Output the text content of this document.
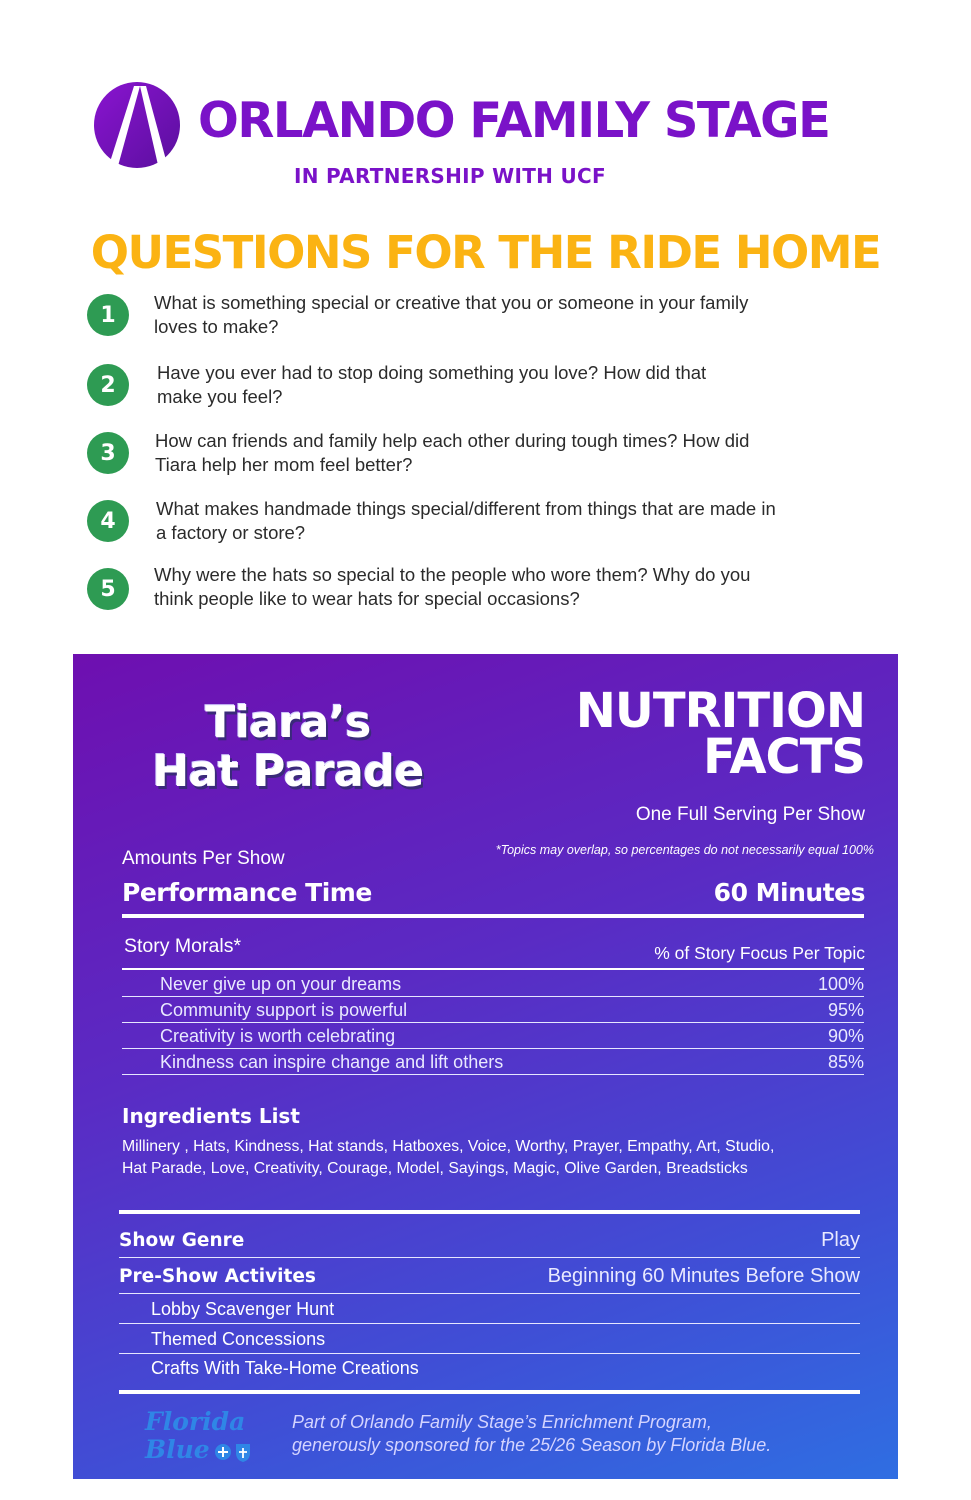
ORLANDO FAMILY STAGE
IN PARTNERSHIP WITH UCF
QUESTIONS FOR THE RIDE HOME
1	What is something special or creative that you or someone in your family
loves to make?
2	Have you ever had to stop doing something you love? How did that
make you feel?
3	How can friends and family help each other during tough times? How did
Tiara help her mom feel better?
4	What makes handmade things special/different from things that are made in
a factory or store?
5
Why were the hats so special to the people who wore them? Why do you
think people like to wear hats for special occasions?
Tiara’s
Hat Parade
NUTRITION
FACTS
One Full Serving Per Show
Amounts Per Show	*Topics may overlap, so percentages do not necessarily equal 100%
Performance Time	60 Minutes
Story Morals*	% of Story Focus Per Topic
Never give up on your dreams	100%
Community support is powerful	95%
Creativity is worth celebrating	90%
Kindness can inspire change and lift others	85%
Ingredients List
Millinery , Hats, Kindness, Hat stands, Hatboxes, Voice, Worthy, Prayer, Empathy, Art, Studio,
Hat Parade, Love, Creativity, Courage, Model, Sayings, Magic, Olive Garden, Breadsticks
Show Genre	Play
Pre-Show Activites	Beginning 60 Minutes Before Show
Lobby Scavenger Hunt
Themed Concessions
Crafts With Take-Home Creations
Florida
Blue
Part of Orlando Family Stage’s Enrichment Program,
generously sponsored for the 25/26 Season by Florida Blue.
